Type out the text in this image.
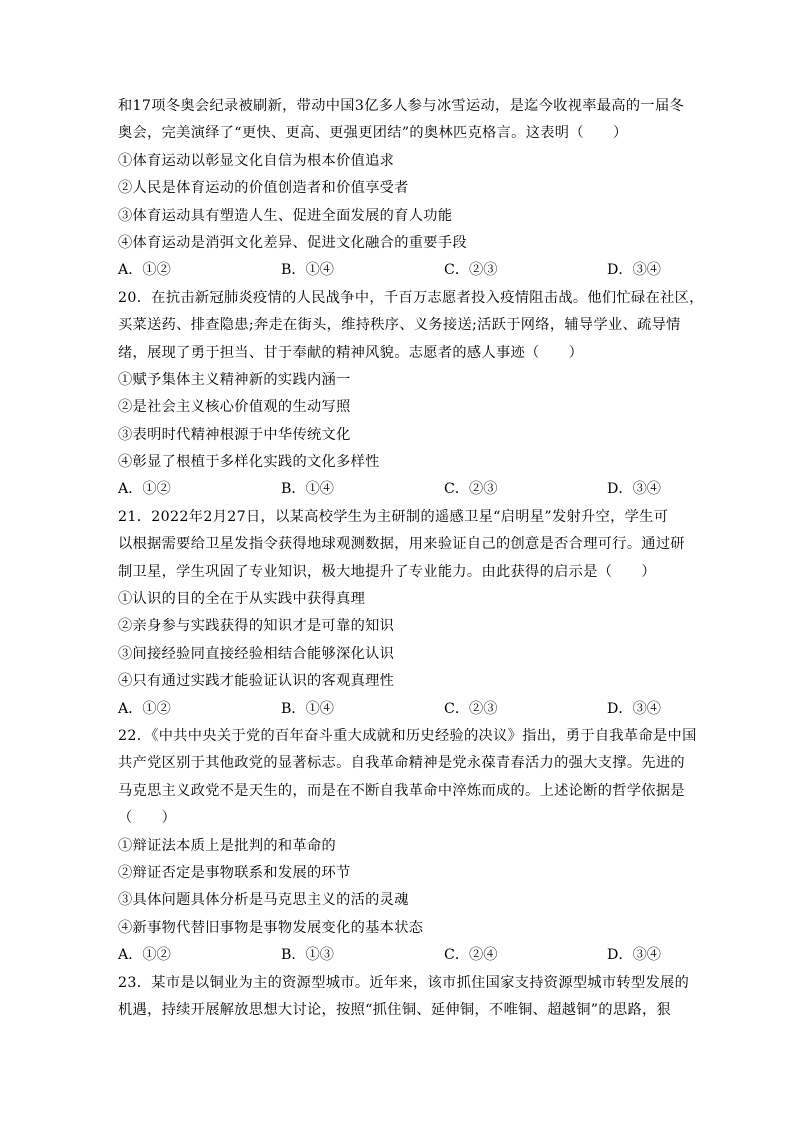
和17项冬奥会纪录被刷新，带动中国3亿多人参与冰雪运动，是迄今收视率最高的一届冬
奥会，完美演绎了“更快、更高、更强更团结”的奥林匹克格言。这表明（　　）
①体育运动以彰显文化自信为根本价值追求
②人民是体育运动的价值创造者和价值享受者
③体育运动具有塑造人生、促进全面发展的育人功能
④体育运动是消弭文化差异、促进文化融合的重要手段
A．①②	B．①④	C．②③	D．③④
20．在抗击新冠肺炎疫情的人民战争中，千百万志愿者投入疫情阻击战。他们忙碌在社区，
买菜送药、排查隐患;奔走在街头，维持秩序、义务接送;活跃于网络，辅导学业、疏导情
绪，展现了勇于担当、甘于奉献的精神风貌。志愿者的感人事迹（　　）
①赋予集体主义精神新的实践内涵一
②是社会主义核心价值观的生动写照
③表明时代精神根源于中华传统文化
④彰显了根植于多样化实践的文化多样性
A．①②	B．①④	C．②③	D．③④
21．2022年2月27日，以某高校学生为主研制的遥感卫星“启明星”发射升空，学生可
以根据需要给卫星发指令获得地球观测数据，用来验证自己的创意是否合理可行。通过研
制卫星，学生巩固了专业知识，极大地提升了专业能力。由此获得的启示是（　　）
①认识的目的全在于从实践中获得真理
②亲身参与实践获得的知识才是可靠的知识
③间接经验同直接经验相结合能够深化认识
④只有通过实践才能验证认识的客观真理性
A．①②	B．①④	C．②③	D．③④
22．《中共中央关于党的百年奋斗重大成就和历史经验的决议》指出，勇于自我革命是中国
共产党区别于其他政党的显著标志。自我革命精神是党永葆青春活力的强大支撑。先进的
马克思主义政党不是天生的，而是在不断自我革命中淬炼而成的。上述论断的哲学依据是
（　　）
①辩证法本质上是批判的和革命的
②辩证否定是事物联系和发展的环节
③具体问题具体分析是马克思主义的活的灵魂
④新事物代替旧事物是事物发展变化的基本状态
A．①②	B．①③	C．②④	D．③④
23．某市是以铜业为主的资源型城市。近年来，该市抓住国家支持资源型城市转型发展的
机遇，持续开展解放思想大讨论，按照“抓住铜、延伸铜，不唯铜、超越铜”的思路，狠
